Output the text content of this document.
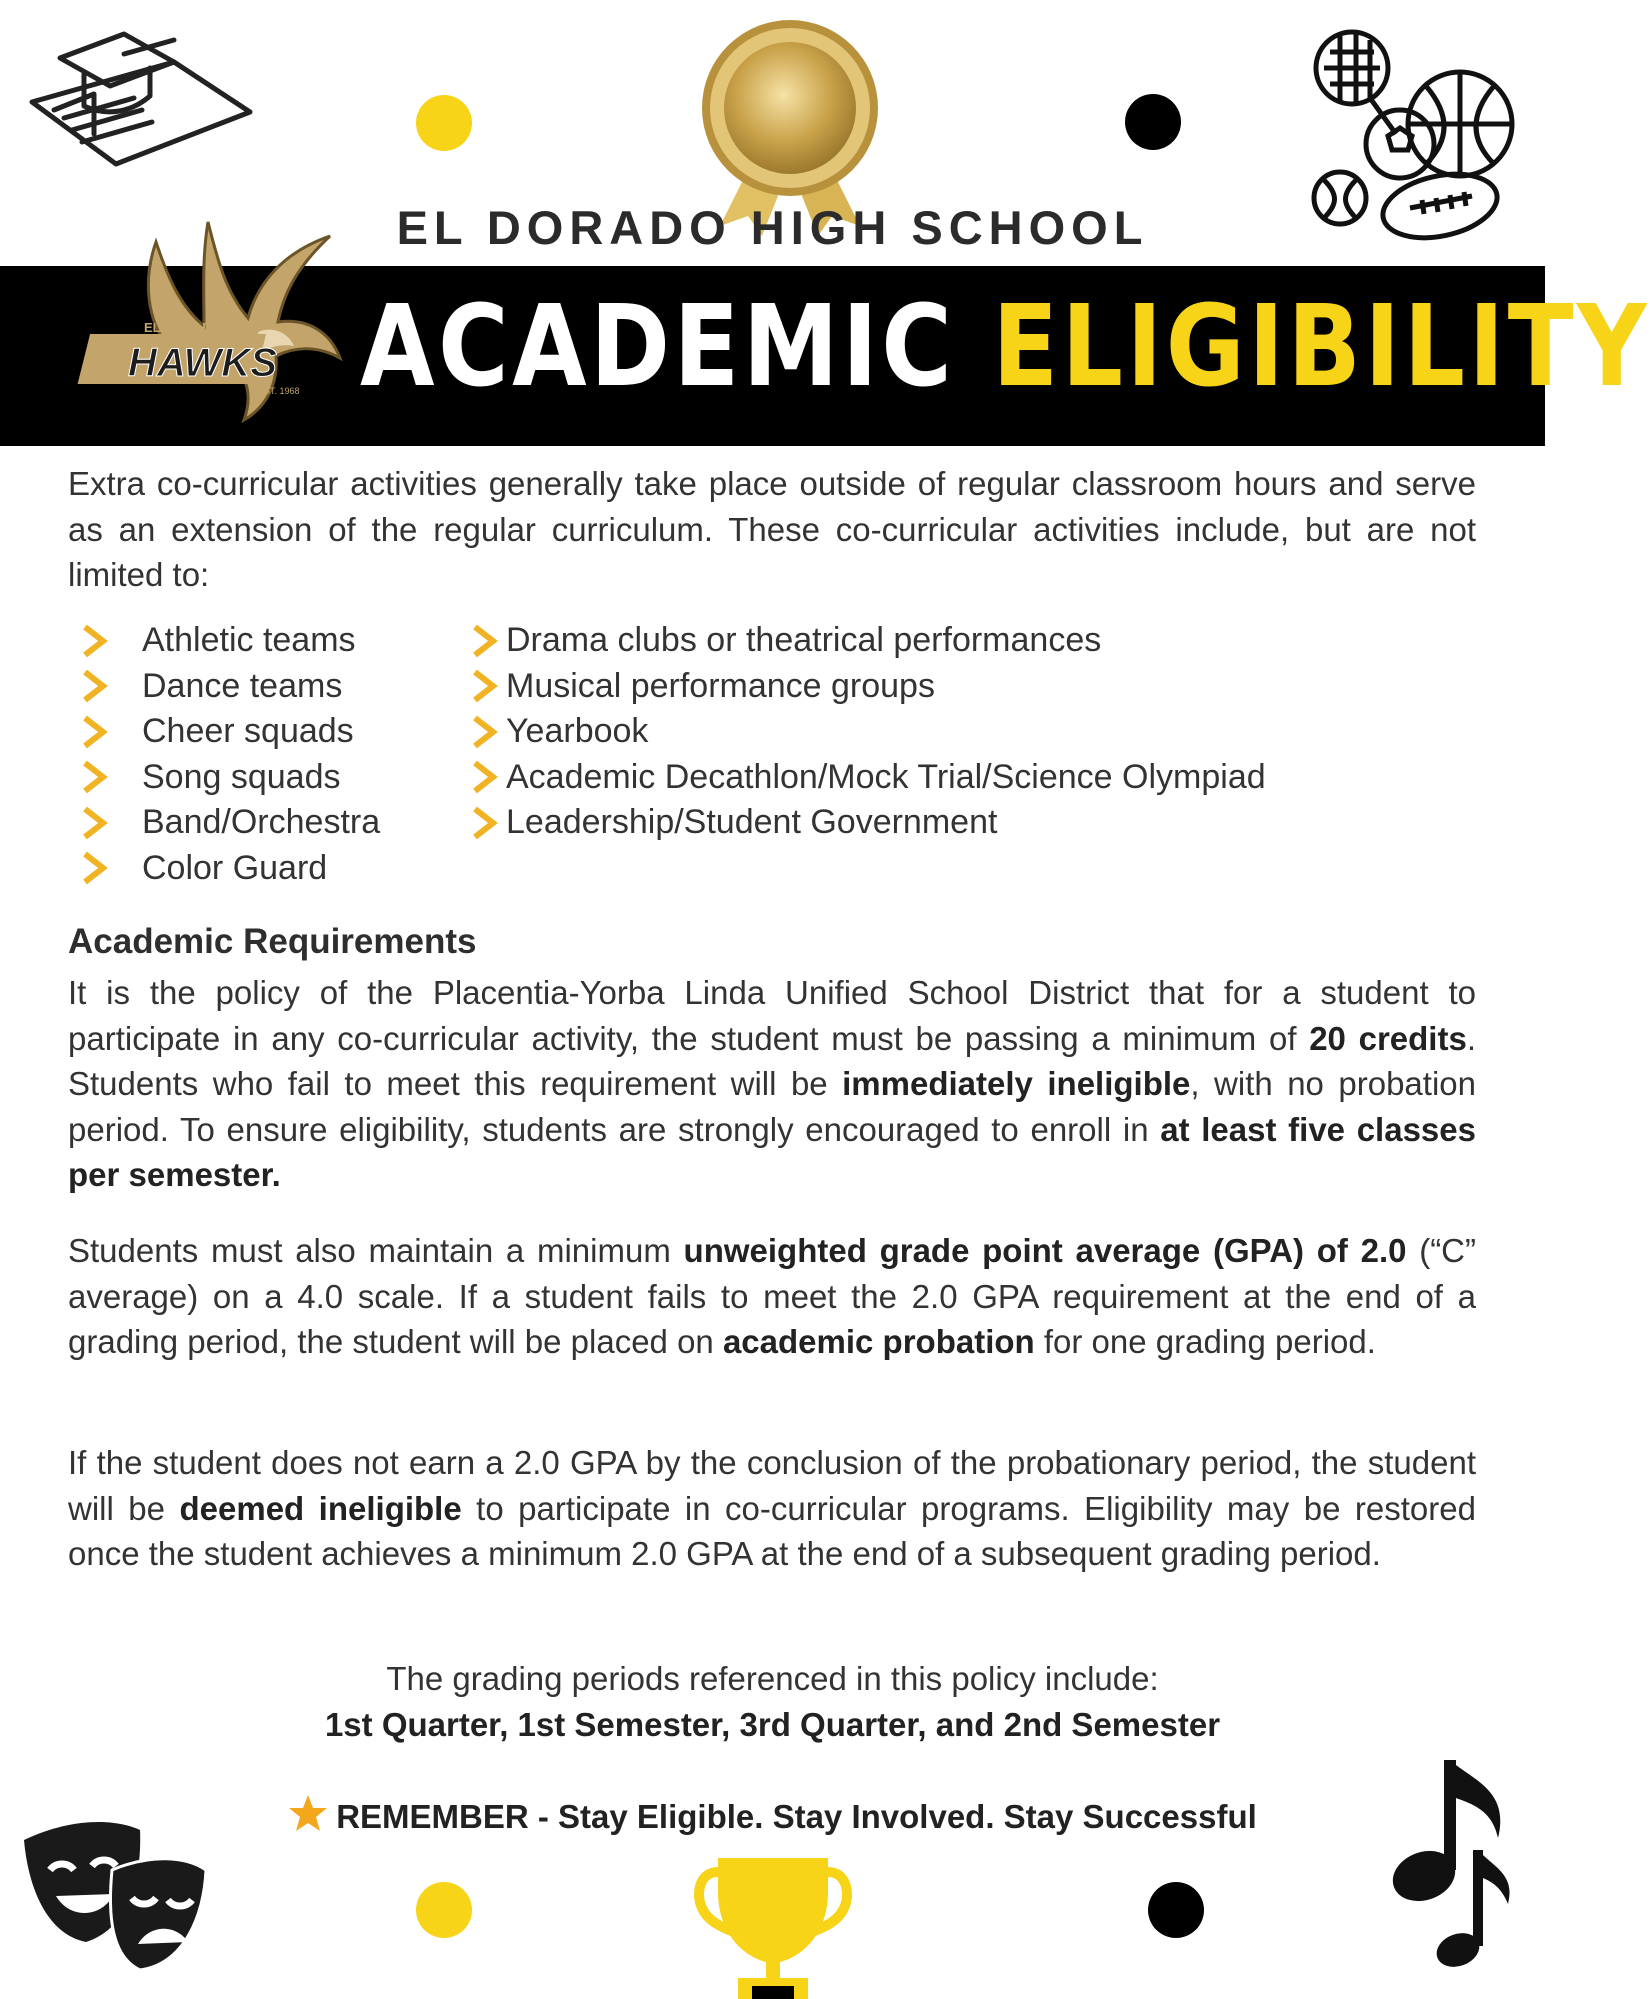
EL DORADO HIGH SCHOOL
ACADEMIC ELIGIBILITY
HAWKS
EL DORADO
EST. 1968
Extra co-curricular activities generally take place outside of regular classroom hours and serve as an extension of the regular curriculum. These co-curricular activities include, but are not limited to:
Athletic teams
Dance teams
Cheer squads
Song squads
Band/Orchestra
Color Guard
Drama clubs or theatrical performances
Musical performance groups
Yearbook
Academic Decathlon/Mock Trial/Science Olympiad
Leadership/Student Government
Academic Requirements
It is the policy of the Placentia-Yorba Linda Unified School District that for a student to participate in any co-curricular activity, the student must be passing a minimum of 20 credits. Students who fail to meet this requirement will be immediately ineligible, with no probation period. To ensure eligibility, students are strongly encouraged to enroll in at least five classes per semester.
Students must also maintain a minimum unweighted grade point average (GPA) of 2.0 (“C” average) on a 4.0 scale. If a student fails to meet the 2.0 GPA requirement at the end of a grading period, the student will be placed on academic probation for one grading period.
If the student does not earn a 2.0 GPA by the conclusion of the probationary period, the student will be deemed ineligible to participate in co-curricular programs. Eligibility may be restored once the student achieves a minimum 2.0 GPA at the end of a subsequent grading period.
The grading periods referenced in this policy include:
1st Quarter, 1st Semester, 3rd Quarter, and 2nd Semester
REMEMBER - Stay Eligible. Stay Involved. Stay Successful
